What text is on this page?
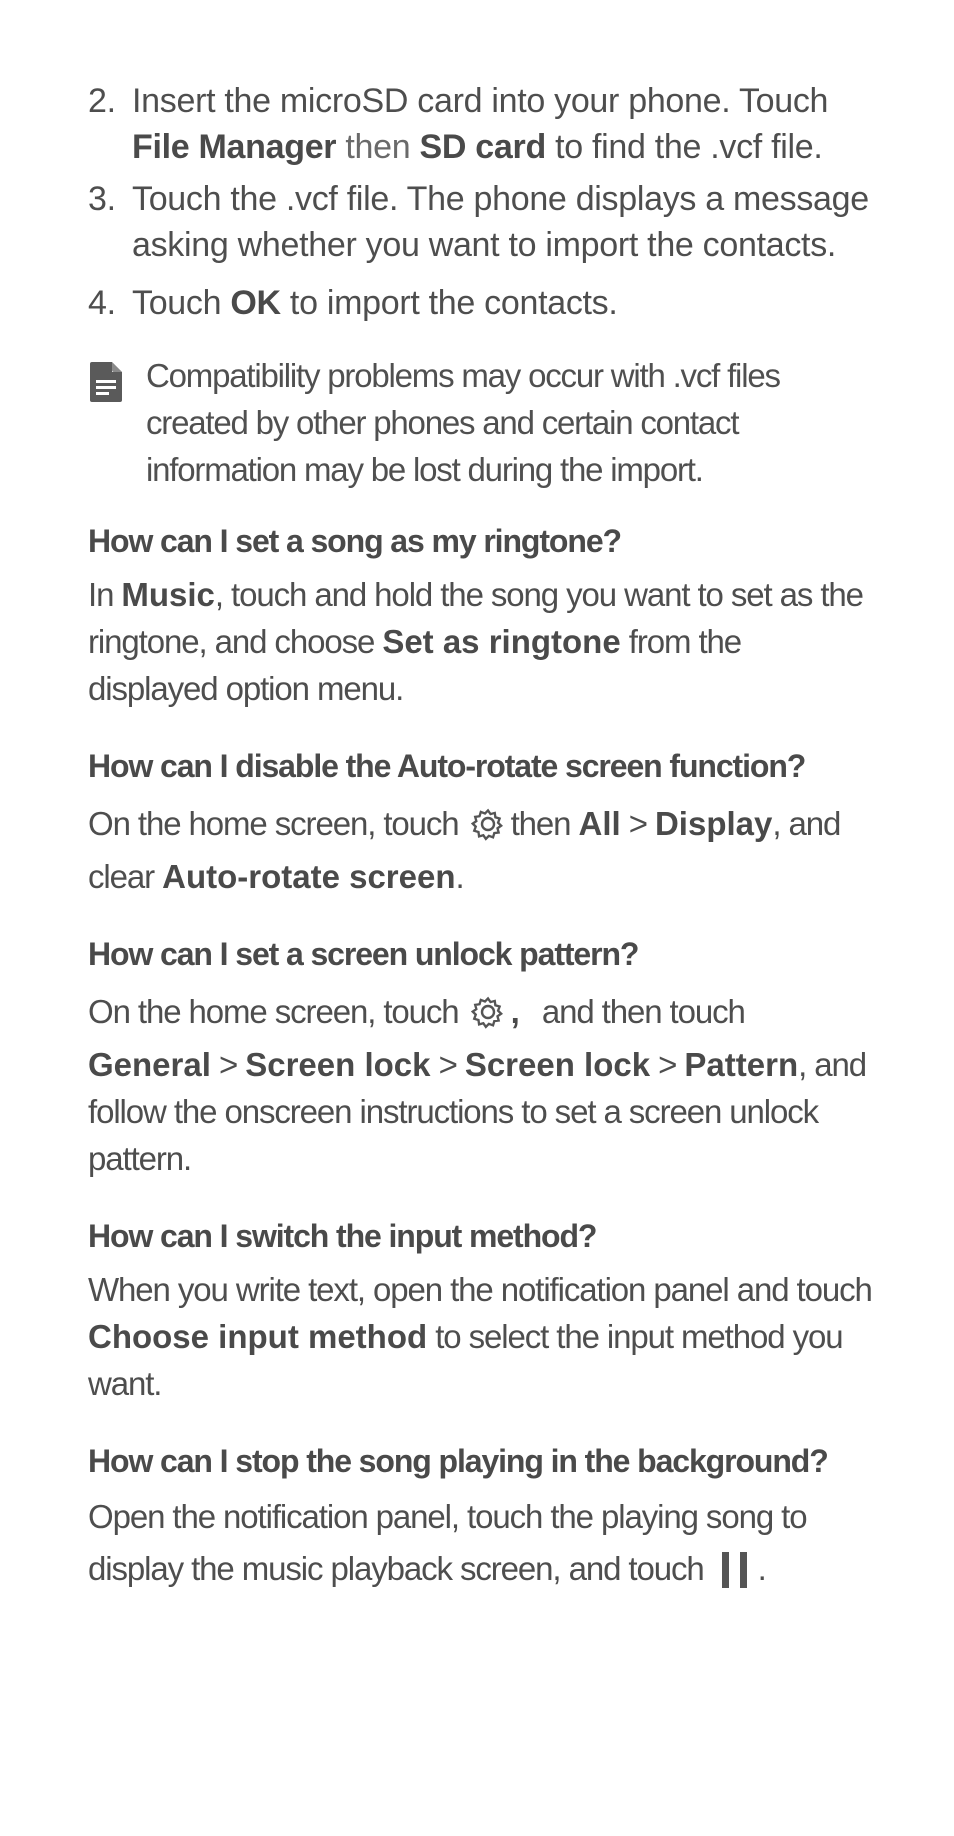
2. Insert the microSD card into your phone. Touch
File Manager then SD card to find the .vcf file.
3. Touch the .vcf file. The phone displays a message asking whether you want to import the contacts.
4. Touch OK to import the contacts.
Compatibility problems may occur with .vcf files created by other phones and certain contact information may be lost during the import.
How can I set a song as my ringtone?
In Music, touch and hold the song you want to set as the ringtone, and choose Set as ringtone from the displayed option menu.
How can I disable the Auto-rotate screen function?
On the home screen, touch then All > Display, and clear Auto-rotate screen.
How can I set a screen unlock pattern?
On the home screen, touch , and then touch
General > Screen lock > Screen lock > Pattern, and follow the onscreen instructions to set a screen unlock pattern.
How can I switch the input method?
When you write text, open the notification panel and touch Choose input method to select the input method you want.
How can I stop the song playing in the background?
Open the notification panel, touch the playing song to display the music playback screen, and touch .
